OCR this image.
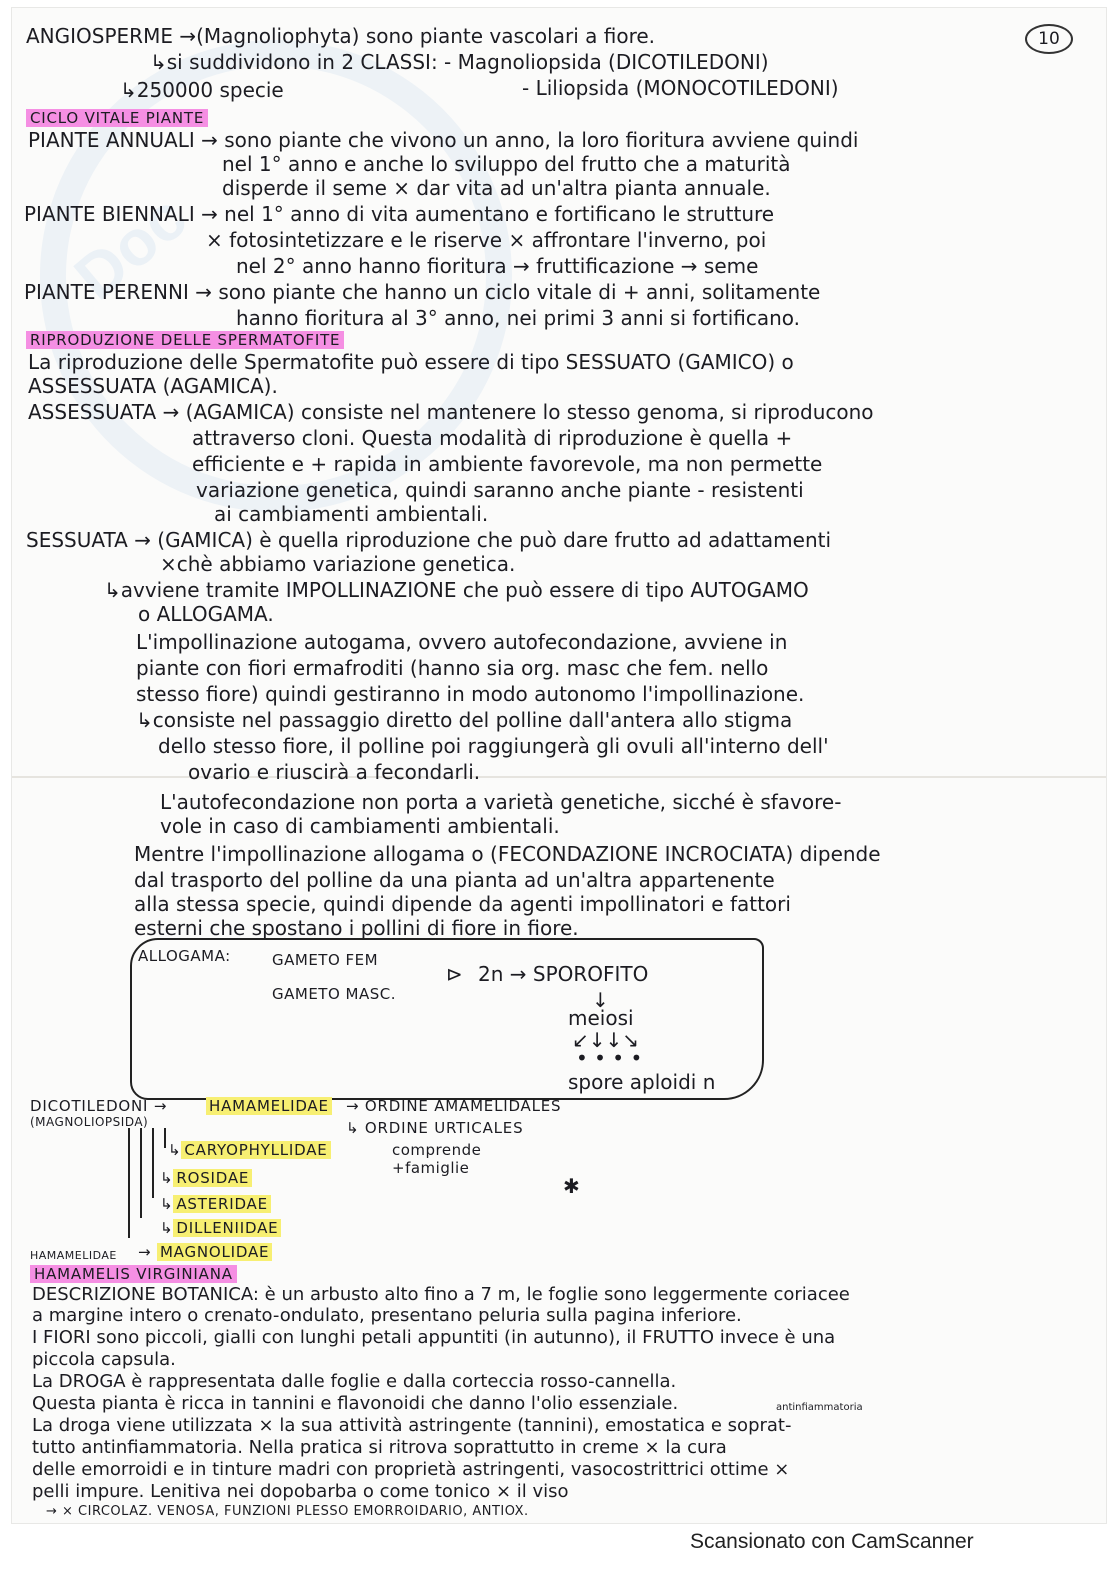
Doc
10
ANGIOSPERME →(Magnoliophyta) sono piante vascolari a fiore.
↳si suddividono in 2 CLASSI: - Magnoliopsida (DICOTILEDONI)
↳250000 specie	- Liliopsida (MONOCOTILEDONI)
CICLO VITALE PIANTE
PIANTE ANNUALI → sono piante che vivono un anno, la loro fioritura avviene quindi
nel 1° anno e anche lo sviluppo del frutto che a maturità
disperde il seme × dar vita ad un'altra pianta annuale.
PIANTE BIENNALI → nel 1° anno di vita aumentano e fortificano le strutture
× fotosintetizzare e le riserve × affrontare l'inverno, poi
nel 2° anno hanno fioritura → fruttificazione → seme
PIANTE PERENNI → sono piante che hanno un ciclo vitale di + anni, solitamente
hanno fioritura al 3° anno, nei primi 3 anni si fortificano.
RIPRODUZIONE DELLE SPERMATOFITE
La riproduzione delle Spermatofite può essere di tipo SESSUATO (GAMICO) o
ASSESSUATA (AGAMICA).
ASSESSUATA → (AGAMICA) consiste nel mantenere lo stesso genoma, si riproducono
attraverso cloni. Questa modalità di riproduzione è quella +
efficiente e + rapida in ambiente favorevole, ma non permette
variazione genetica, quindi saranno anche piante - resistenti
ai cambiamenti ambientali.
SESSUATA → (GAMICA) è quella riproduzione che può dare frutto ad adattamenti
×chè abbiamo variazione genetica.
↳avviene tramite IMPOLLINAZIONE che può essere di tipo AUTOGAMO
o ALLOGAMA.
L'impollinazione autogama, ovvero autofecondazione, avviene in
piante con fiori ermafroditi (hanno sia org. masc che fem. nello
stesso fiore) quindi gestiranno in modo autonomo l'impollinazione.
↳consiste nel passaggio diretto del polline dall'antera allo stigma
dello stesso fiore, il polline poi raggiungerà gli ovuli all'interno dell'
ovario e riuscirà a fecondarli.
L'autofecondazione non porta a varietà genetiche, sicché è sfavore-
vole in caso di cambiamenti ambientali.
Mentre l'impollinazione allogama o (FECONDAZIONE INCROCIATA) dipende
dal trasporto del polline da una pianta ad un'altra appartenente
alla stessa specie, quindi dipende da agenti impollinatori e fattori
esterni che spostano i pollini di fiore in fiore.
ALLOGAMA:	GAMETO FEM
GAMETO MASC.
⊳ 2n → SPOROFITO
↓
meiosi
↙↓↓↘
• • • •
spore aploidi n
DICOTILEDONI →
(MAGNOLIOPSIDA)
HAMAMELIDAE → ORDINE AMAMELIDALES
↳ ORDINE URTICALES
comprende
+famiglie
↳ CARYOPHYLLIDAE
↳ ROSIDAE
↳ ASTERIDAE
↳ DILLENIIDAE
HAMAMELIDAE → MAGNOLIDAE
✱
HAMAMELIS VIRGINIANA
DESCRIZIONE BOTANICA: è un arbusto alto fino a 7 m, le foglie sono leggermente coriacee
a margine intero o crenato-ondulato, presentano peluria sulla pagina inferiore.
I FIORI sono piccoli, gialli con lunghi petali appuntiti (in autunno), il FRUTTO invece è una
piccola capsula.
La DROGA è rappresentata dalle foglie e dalla corteccia rosso-cannella.
Questa pianta è ricca in tannini e flavonoidi che danno l'olio essenziale.	antinfiammatoria
La droga viene utilizzata × la sua attività astringente (tannini), emostatica e soprat-
tutto antinfiammatoria. Nella pratica si ritrova soprattutto in creme × la cura
delle emorroidi e in tinture madri con proprietà astringenti, vasocostrittrici ottime ×
pelli impure. Lenitiva nei dopobarba o come tonico × il viso
→ × CIRCOLAZ. VENOSA, FUNZIONI PLESSO EMORROIDARIO, ANTIOX.
Scansionato con CamScanner
